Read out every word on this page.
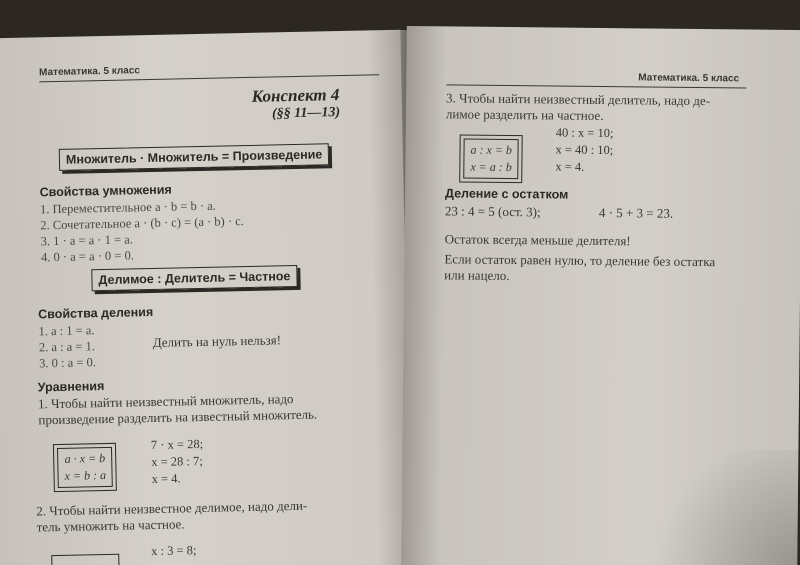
Математика. 5 класс
Конспект 4
(§§ 11—13)
Множитель · Множитель = Произведение
Свойства умножения
1. Переместительное a · b = b · a.
2. Сочетательное a · (b · c) = (a · b) · c.
3. 1 · a = a · 1 = a.
4. 0 · a = a · 0 = 0.
Делимое : Делитель = Частное
Свойства деления
1. a : 1 = a.
2. a : a = 1.
3. 0 : a = 0.
Делить на нуль нельзя!
Уравнения
1. Чтобы найти неизвестный множитель, надо
произведение разделить на известный множитель.
a · x = b
x = b : a
7 · x = 28;
x = 28 : 7;
x = 4.
2. Чтобы найти неизвестное делимое, надо дели-
тель умножить на частное.
x : 3 = 8;
Математика. 5 класс
3. Чтобы найти неизвестный делитель, надо де-
лимое разделить на частное.
a : x = b
x = a : b
40 : x = 10;
x = 40 : 10;
x = 4.
Деление с остатком
23 : 4 = 5 (ост. 3);	4 · 5 + 3 = 23.
Остаток всегда меньше делителя!
Если остаток равен нулю, то деление без остатка
или нацело.
